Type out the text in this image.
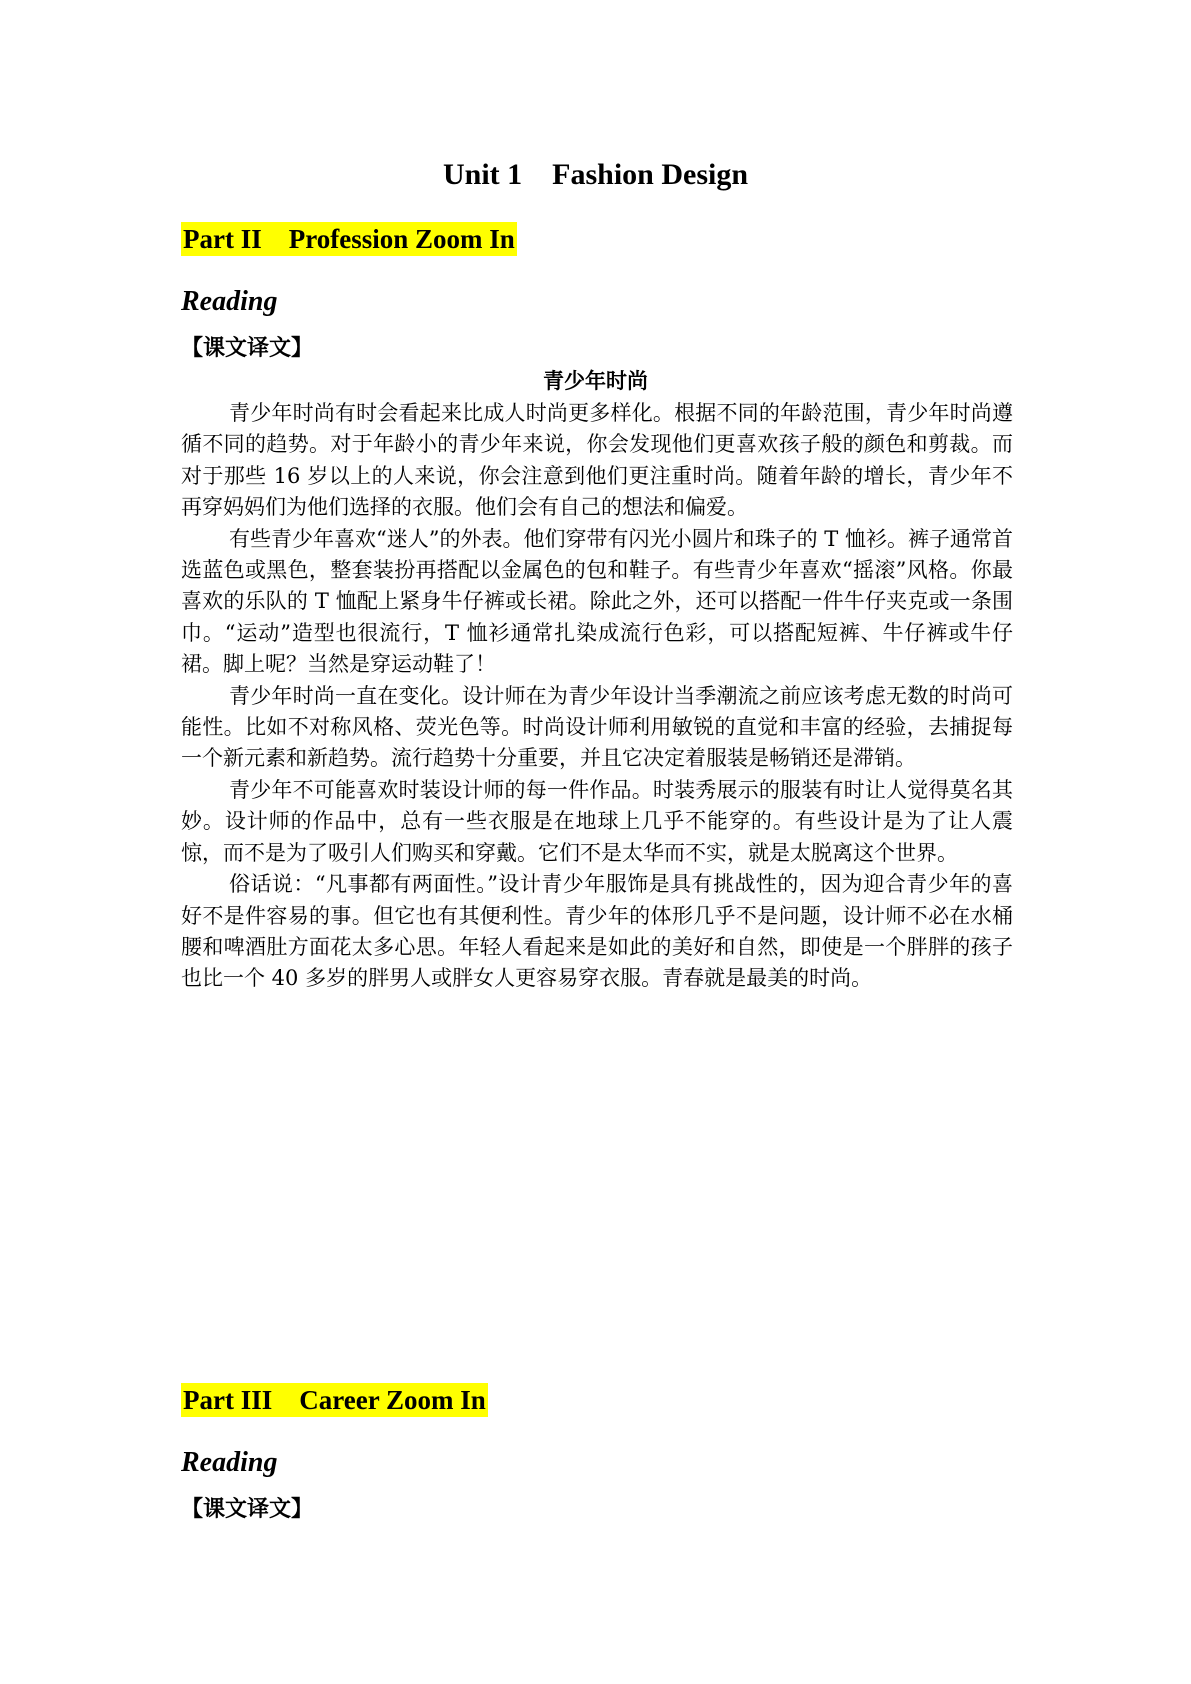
Unit 1    Fashion Design
Part II    Profession Zoom In
Reading
【课文译文】
青少年时尚

青少年时尚有时会看起来比成人时尚更多样化。根据不同的年龄范围，青少年时尚遵循不同的趋势。对于年龄小的青少年来说，你会发现他们更喜欢孩子般的颜色和剪裁。而对于那些 16 岁以上的人来说，你会注意到他们更注重时尚。随着年龄的增长，青少年不再穿妈妈们为他们选择的衣服。他们会有自己的想法和偏爱。

有些青少年喜欢“迷人”的外表。他们穿带有闪光小圆片和珠子的 T 恤衫。裤子通常首选蓝色或黑色，整套装扮再搭配以金属色的包和鞋子。有些青少年喜欢“摇滚”风格。你最喜欢的乐队的 T 恤配上紧身牛仔裤或长裙。除此之外，还可以搭配一件牛仔夹克或一条围巾。“运动”造型也很流行，T 恤衫通常扎染成流行色彩，可以搭配短裤、牛仔裤或牛仔裙。脚上呢？当然是穿运动鞋了！

青少年时尚一直在变化。设计师在为青少年设计当季潮流之前应该考虑无数的时尚可能性。比如不对称风格、荧光色等。时尚设计师利用敏锐的直觉和丰富的经验，去捕捉每一个新元素和新趋势。流行趋势十分重要，并且它决定着服装是畅销还是滞销。

青少年不可能喜欢时装设计师的每一件作品。时装秀展示的服装有时让人觉得莫名其妙。设计师的作品中，总有一些衣服是在地球上几乎不能穿的。有些设计是为了让人震惊，而不是为了吸引人们购买和穿戴。它们不是太华而不实，就是太脱离这个世界。

俗话说：“凡事都有两面性。”设计青少年服饰是具有挑战性的，因为迎合青少年的喜好不是件容易的事。但它也有其便利性。青少年的体形几乎不是问题，设计师不必在水桶腰和啤酒肚方面花太多心思。年轻人看起来是如此的美好和自然，即使是一个胖胖的孩子也比一个 40 多岁的胖男人或胖女人更容易穿衣服。青春就是最美的时尚。

Part III    Career Zoom In
Reading
【课文译文】
